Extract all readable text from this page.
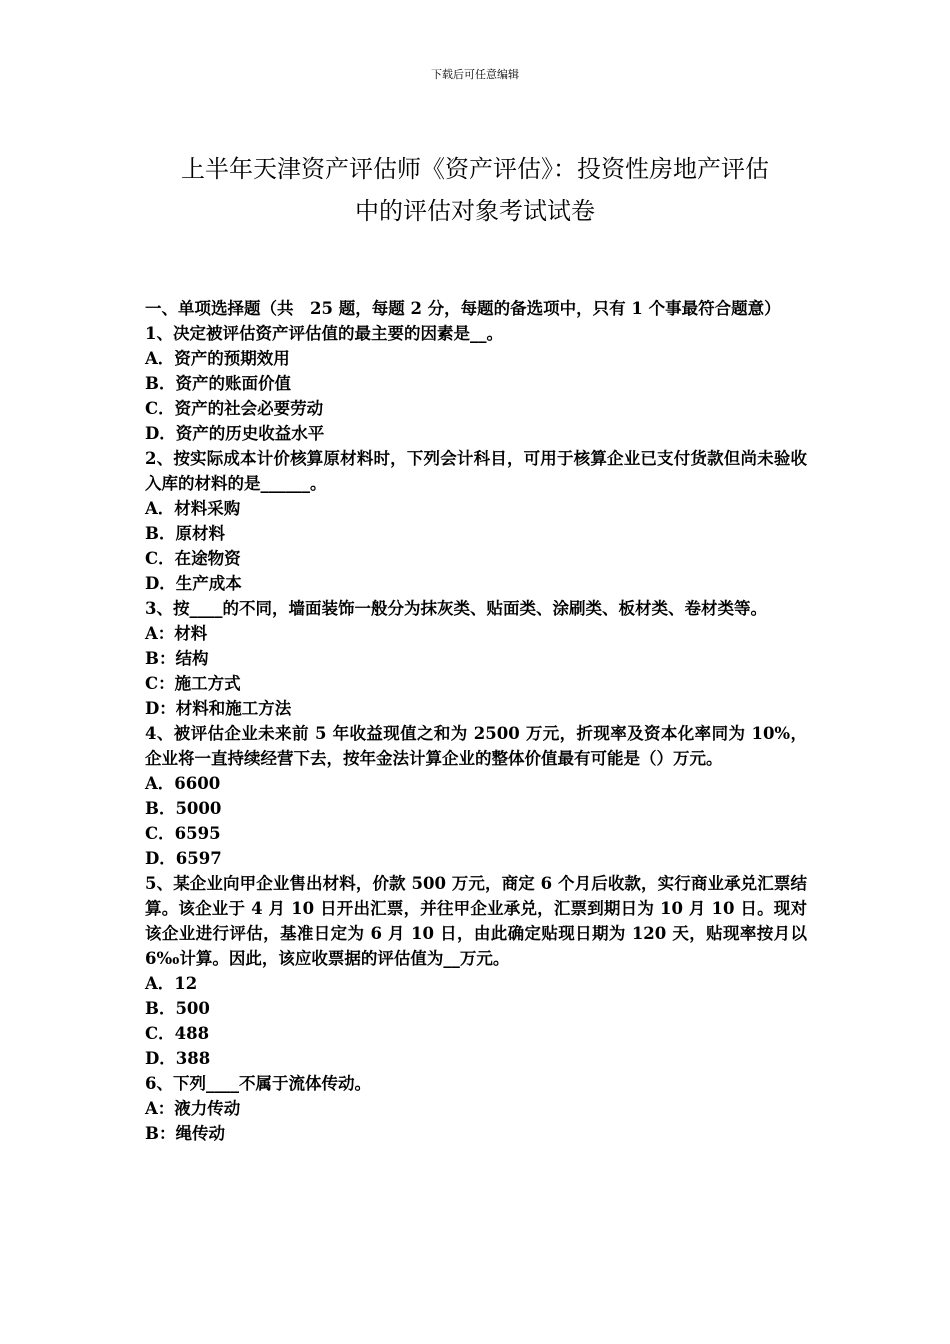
下载后可任意编辑
上半年天津资产评估师《资产评估》：投资性房地产评估
中的评估对象考试试卷

一、单项选择题（共　25 题，每题 2 分，每题的备选项中，只有 1 个事最符合题意）

1、决定被评估资产评估值的最主要的因素是__。

A．资产的预期效用

B．资产的账面价值

C．资产的社会必要劳动

D．资产的历史收益水平

2、按实际成本计价核算原材料时，下列会计科目，可用于核算企业已支付货款但尚未验收入库的材料的是______。

A．材料采购

B．原材料

C．在途物资

D．生产成本

3、按____的不同，墙面装饰一般分为抹灰类、贴面类、涂刷类、板材类、卷材类等。

A：材料

B：结构

C：施工方式

D：材料和施工方法

4、被评估企业未来前 5 年收益现值之和为 2500 万元，折现率及资本化率同为 10%，企业将一直持续经营下去，按年金法计算企业的整体价值最有可能是（）万元。

A．6600

B．5000

C．6595

D．6597

5、某企业向甲企业售出材料，价款 500 万元，商定 6 个月后收款，实行商业承兑汇票结算。该企业于 4 月 10 日开出汇票，并往甲企业承兑，汇票到期日为 10 月 10 日。现对该企业进行评估，基准日定为 6 月 10 日，由此确定贴现日期为 120 天，贴现率按月以 6‰计算。因此，该应收票据的评估值为__万元。

A．12

B．500

C．488

D．388

6、下列____不属于流体传动。

A：液力传动

B：绳传动
